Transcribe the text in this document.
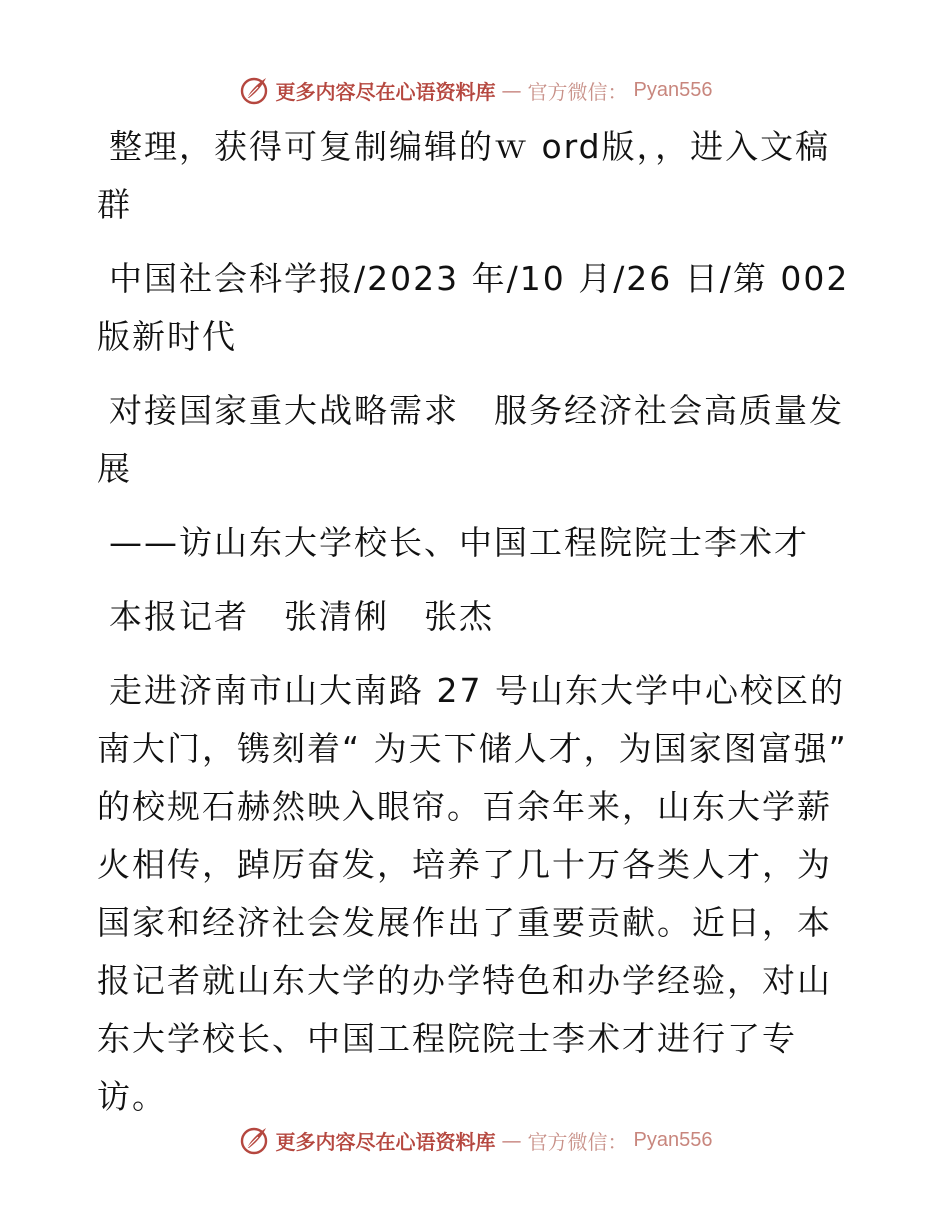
更多内容尽在心语资料库 — 官方微信： Pyan556

整理，获得可复制编辑的ｗ ord版，，进入文稿群

中国社会科学报/2023 年/10 月/26 日/第 002 版新时代

对接国家重大战略需求　服务经济社会高质量发展

——访山东大学校长、中国工程院院士李术才

本报记者　张清俐　张杰

走进济南市山大南路 27 号山东大学中心校区的南大门，镌刻着“ 为天下储人才，为国家图富强” 的校规石赫然映入眼帘。百余年来，山东大学薪火相传，踔厉奋发，培养了几十万各类人才，为国家和经济社会发展作出了重要贡献。近日，本报记者就山东大学的办学特色和办学经验，对山东大学校长、中国工程院院士李术才进行了专访。

更多内容尽在心语资料库 — 官方微信： Pyan556
